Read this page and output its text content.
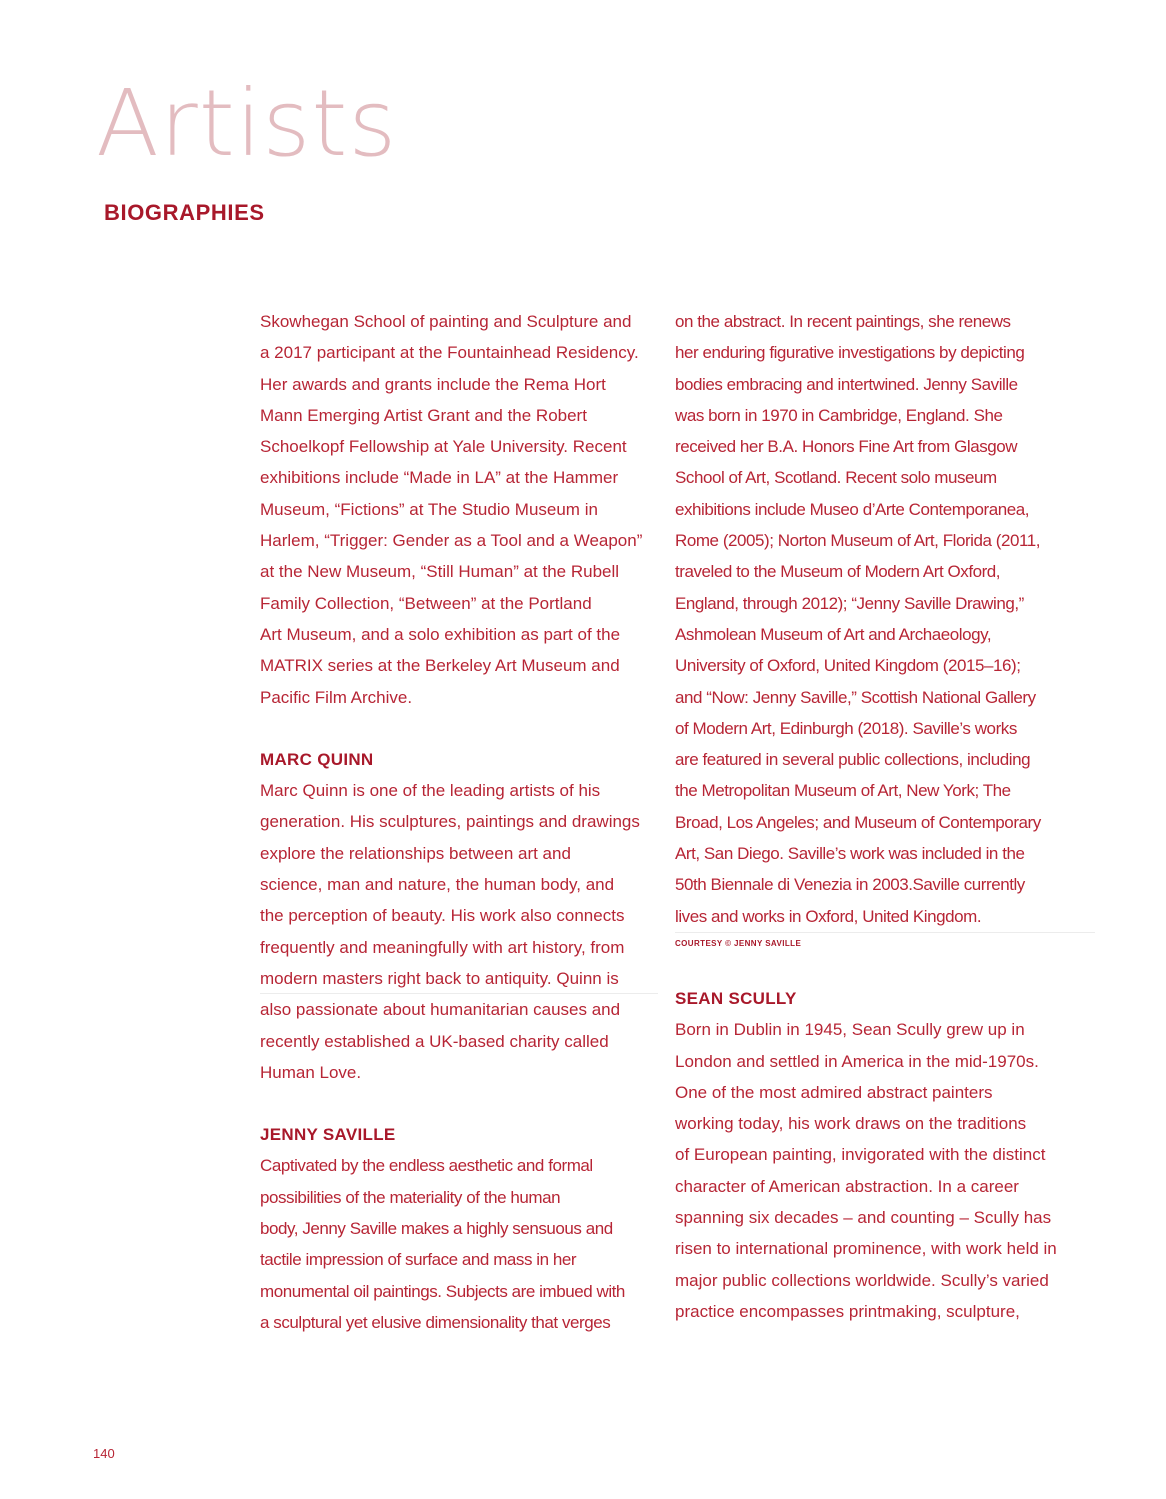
Artists
BIOGRAPHIES
Skowhegan School of painting and Sculpture and
a 2017 participant at the Fountainhead Residency.
Her awards and grants include the Rema Hort
Mann Emerging Artist Grant and the Robert
Schoelkopf Fellowship at Yale University. Recent
exhibitions include “Made in LA” at the Hammer
Museum, “Fictions” at The Studio Museum in
Harlem, “Trigger: Gender as a Tool and a Weapon”
at the New Museum, “Still Human” at the Rubell
Family Collection, “Between” at the Portland
Art Museum, and a solo exhibition as part of the
MATRIX series at the Berkeley Art Museum and
Pacific Film Archive.
MARC QUINN
Marc Quinn is one of the leading artists of his
generation. His sculptures, paintings and drawings
explore the relationships between art and
science, man and nature, the human body, and
the perception of beauty. His work also connects
frequently and meaningfully with art history, from
modern masters right back to antiquity. Quinn is
also passionate about humanitarian causes and
recently established a UK-based charity called
Human Love.
JENNY SAVILLE
Captivated by the endless aesthetic and formal
possibilities of the materiality of the human
body, Jenny Saville makes a highly sensuous and
tactile impression of surface and mass in her
monumental oil paintings. Subjects are imbued with
a sculptural yet elusive dimensionality that verges
on the abstract. In recent paintings, she renews
her enduring figurative investigations by depicting
bodies embracing and intertwined. Jenny Saville
was born in 1970 in Cambridge, England. She
received her B.A. Honors Fine Art from Glasgow
School of Art, Scotland. Recent solo museum
exhibitions include Museo d’Arte Contemporanea,
Rome (2005); Norton Museum of Art, Florida (2011,
traveled to the Museum of Modern Art Oxford,
England, through 2012); “Jenny Saville Drawing,”
Ashmolean Museum of Art and Archaeology,
University of Oxford, United Kingdom (2015–16);
and “Now: Jenny Saville,” Scottish National Gallery
of Modern Art, Edinburgh (2018). Saville’s works
are featured in several public collections, including
the Metropolitan Museum of Art, New York; The
Broad, Los Angeles; and Museum of Contemporary
Art, San Diego. Saville’s work was included in the
50th Biennale di Venezia in 2003.Saville currently
lives and works in Oxford, United Kingdom.
COURTESY © JENNY SAVILLE
SEAN SCULLY
Born in Dublin in 1945, Sean Scully grew up in
London and settled in America in the mid-1970s.
One of the most admired abstract painters
working today, his work draws on the traditions
of European painting, invigorated with the distinct
character of American abstraction. In a career
spanning six decades – and counting – Scully has
risen to international prominence, with work held in
major public collections worldwide. Scully’s varied
practice encompasses printmaking, sculpture,
140
